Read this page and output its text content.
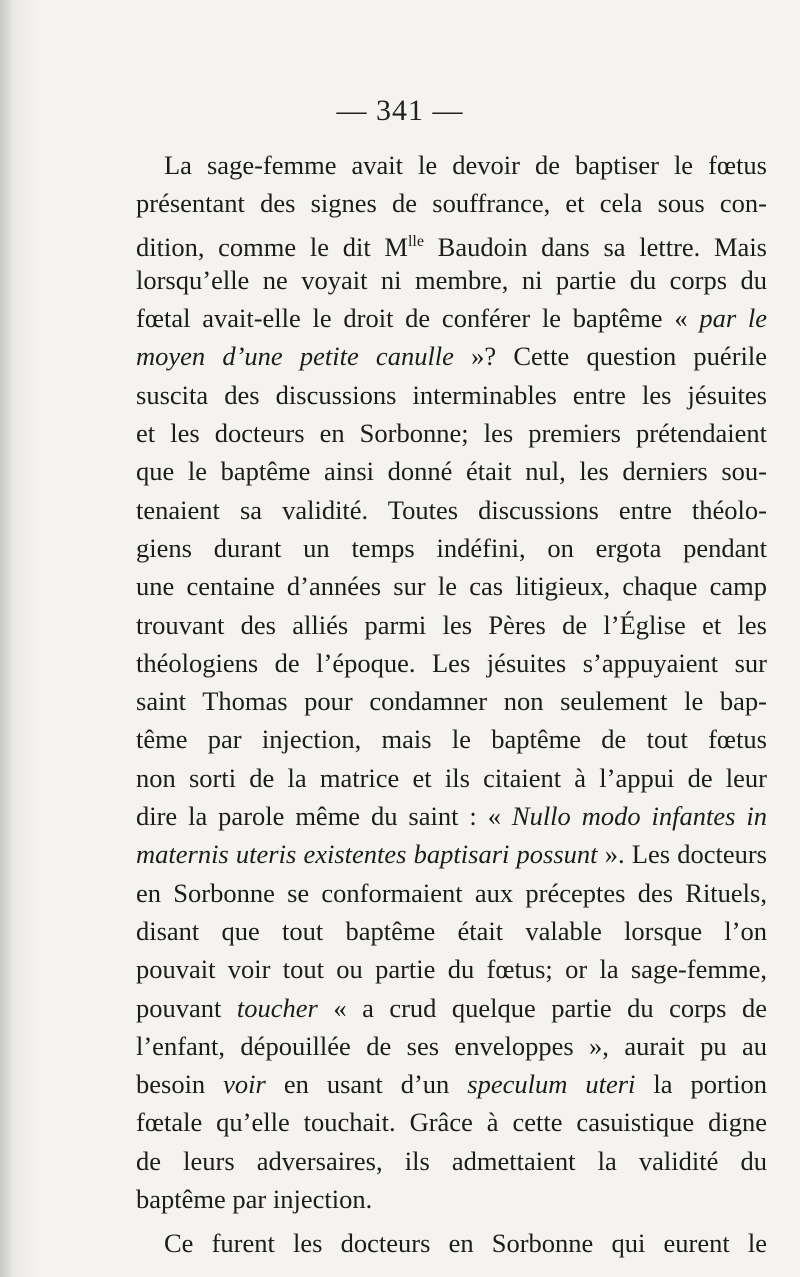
— 341 —
La sage-femme avait le devoir de baptiser le fœtus
présentant des signes de souffrance, et cela sous con-
dition, comme le dit $M^{lle}$ Baudoin dans sa lettre. Mais
lorsqu’elle ne voyait ni membre, ni partie du corps du
fœtal avait-elle le droit de conférer le baptême « par le
moyen d’une petite canulle »? Cette question puérile
suscita des discussions interminables entre les jésuites
et les docteurs en Sorbonne; les premiers prétendaient
que le baptême ainsi donné était nul, les derniers sou-
tenaient sa validité. Toutes discussions entre théolo-
giens durant un temps indéfini, on ergota pendant
une centaine d’années sur le cas litigieux, chaque camp
trouvant des alliés parmi les Pères de l’Église et les
théologiens de l’époque. Les jésuites s’appuyaient sur
saint Thomas pour condamner non seulement le bap-
tême par injection, mais le baptême de tout fœtus
non sorti de la matrice et ils citaient à l’appui de leur
dire la parole même du saint : « Nullo modo infantes in
maternis uteris existentes baptisari possunt ». Les docteurs
en Sorbonne se conformaient aux préceptes des Rituels,
disant que tout baptême était valable lorsque l’on
pouvait voir tout ou partie du fœtus; or la sage-femme,
pouvant toucher « a crud quelque partie du corps de
l’enfant, dépouillée de ses enveloppes », aurait pu au
besoin voir en usant d’un speculum uteri la portion
fœtale qu’elle touchait. Grâce à cette casuistique digne
de leurs adversaires, ils admettaient la validité du
baptême par injection.
Ce furent les docteurs en Sorbonne qui eurent le
